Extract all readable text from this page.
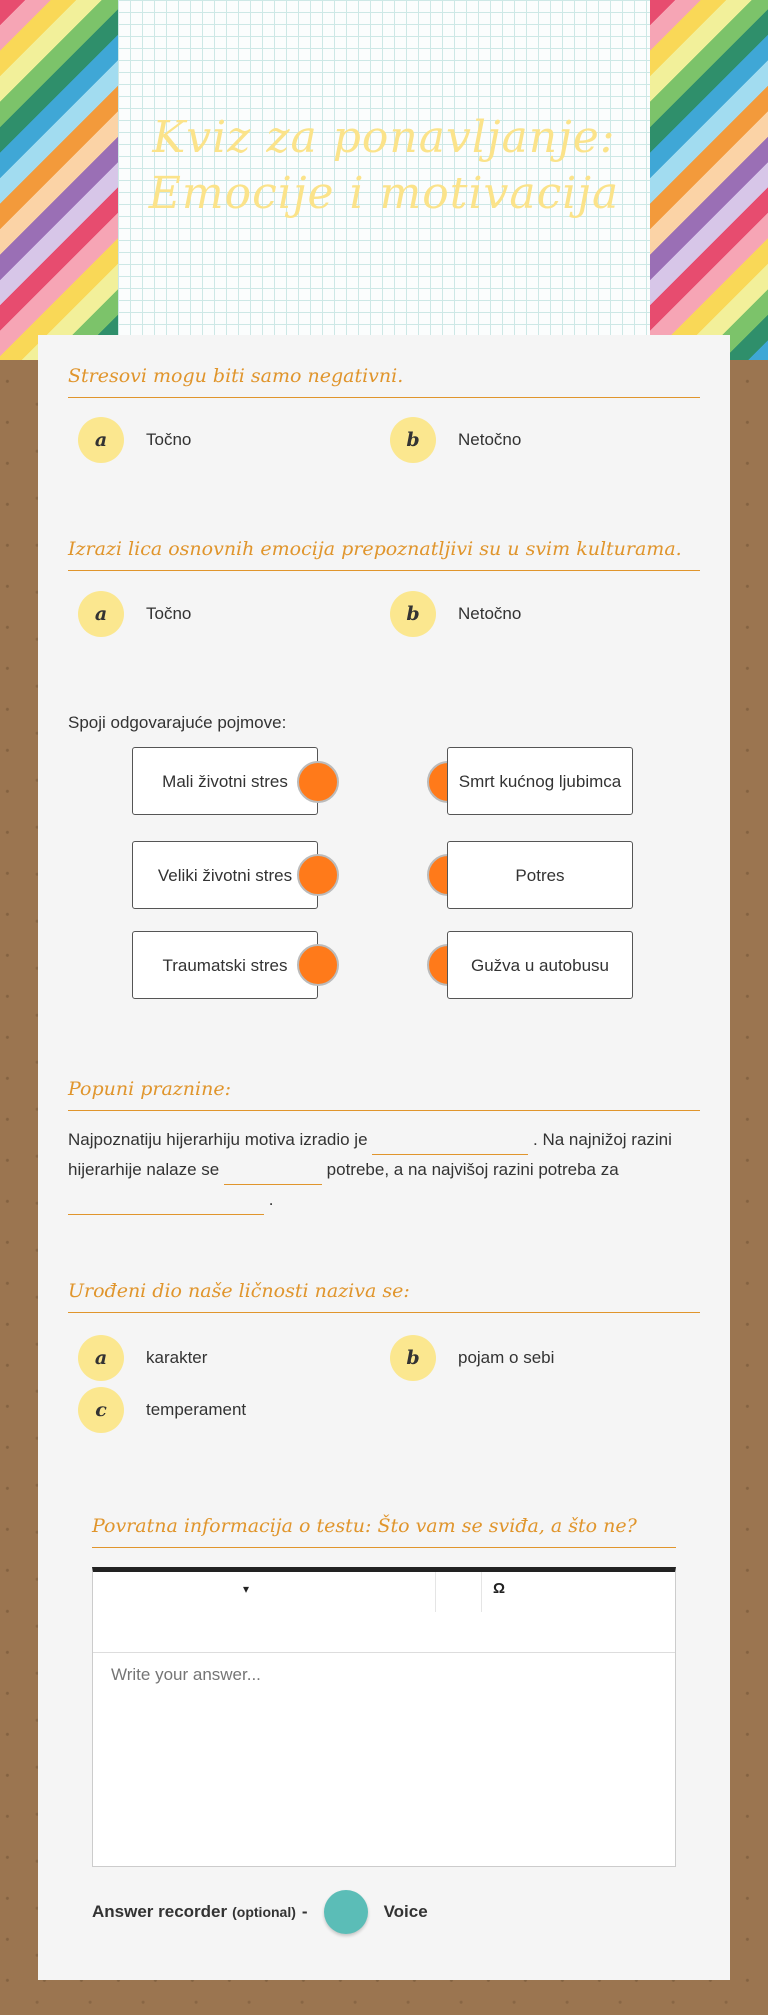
Kviz za ponavljanje:
Emocije i motivacija
Stresovi mogu biti samo negativni.
a	Točno	b	Netočno
Izrazi lica osnovnih emocija prepoznatljivi su u svim kulturama.
a	Točno	b	Netočno
Spoji odgovarajuće pojmove:
Mali životni stres	Smrt kućnog ljubimca
Veliki životni stres	Potres
Traumatski stres	Gužva u autobusu
Popuni praznine:
Najpoznatiju hijerarhiju motiva izradio je	. Na najnižoj razini hijerarhije nalaze se	potrebe, a na najvišoj razini potreba za  .
Urođeni dio naše ličnosti naziva se:
a	karakter	b	pojam o sebi
c	temperament
Povratna informacija o testu: Što vam se sviđa, a što ne?
▾	Ω
Write your answer...
Answer recorder (optional) -	Voice
